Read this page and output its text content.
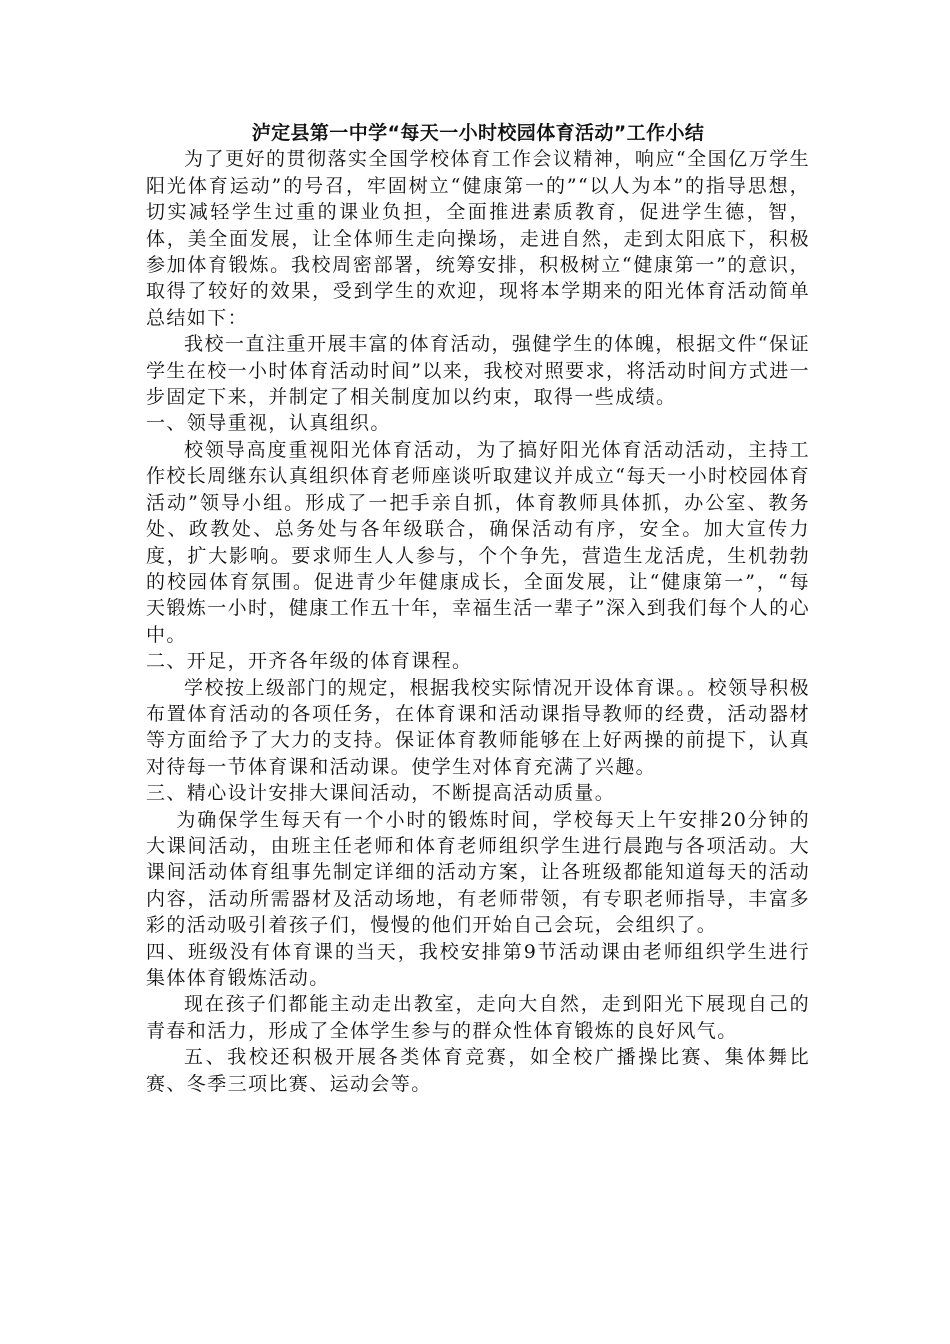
泸定县第一中学“每天一小时校园体育活动”工作小结

为了更好的贯彻落实全国学校体育工作会议精神，响应“全国亿万学生阳光体育运动”的号召，牢固树立“健康第一的”“以人为本”的指导思想，切实减轻学生过重的课业负担，全面推进素质教育，促进学生德，智，体，美全面发展，让全体师生走向操场，走进自然，走到太阳底下，积极参加体育锻炼。我校周密部署，统筹安排，积极树立“健康第一”的意识，取得了较好的效果，受到学生的欢迎，现将本学期来的阳光体育活动简单总结如下：

我校一直注重开展丰富的体育活动，强健学生的体魄，根据文件“保证学生在校一小时体育活动时间”以来，我校对照要求，将活动时间方式进一步固定下来，并制定了相关制度加以约束，取得一些成绩。

一、领导重视，认真组织。

校领导高度重视阳光体育活动，为了搞好阳光体育活动活动，主持工作校长周继东认真组织体育老师座谈听取建议并成立“每天一小时校园体育活动”领导小组。形成了一把手亲自抓，体育教师具体抓，办公室、教务处、政教处、总务处与各年级联合，确保活动有序，安全。加大宣传力度，扩大影响。要求师生人人参与，个个争先，营造生龙活虎，生机勃勃的校园体育氛围。促进青少年健康成长，全面发展，让“健康第一”，“每天锻炼一小时，健康工作五十年，幸福生活一辈子”深入到我们每个人的心中。

二、开足，开齐各年级的体育课程。

学校按上级部门的规定，根据我校实际情况开设体育课。。校领导积极布置体育活动的各项任务，在体育课和活动课指导教师的经费，活动器材等方面给予了大力的支持。保证体育教师能够在上好两操的前提下，认真对待每一节体育课和活动课。使学生对体育充满了兴趣。

三、精心设计安排大课间活动，不断提高活动质量。

为确保学生每天有一个小时的锻炼时间，学校每天上午安排20分钟的大课间活动，由班主任老师和体育老师组织学生进行晨跑与各项活动。大课间活动体育组事先制定详细的活动方案，让各班级都能知道每天的活动内容，活动所需器材及活动场地，有老师带领，有专职老师指导，丰富多彩的活动吸引着孩子们，慢慢的他们开始自己会玩，会组织了。

四、班级没有体育课的当天，我校安排第9节活动课由老师组织学生进行集体体育锻炼活动。

现在孩子们都能主动走出教室，走向大自然，走到阳光下展现自己的青春和活力，形成了全体学生参与的群众性体育锻炼的良好风气。

五、我校还积极开展各类体育竞赛，如全校广播操比赛、集体舞比赛、冬季三项比赛、运动会等。
